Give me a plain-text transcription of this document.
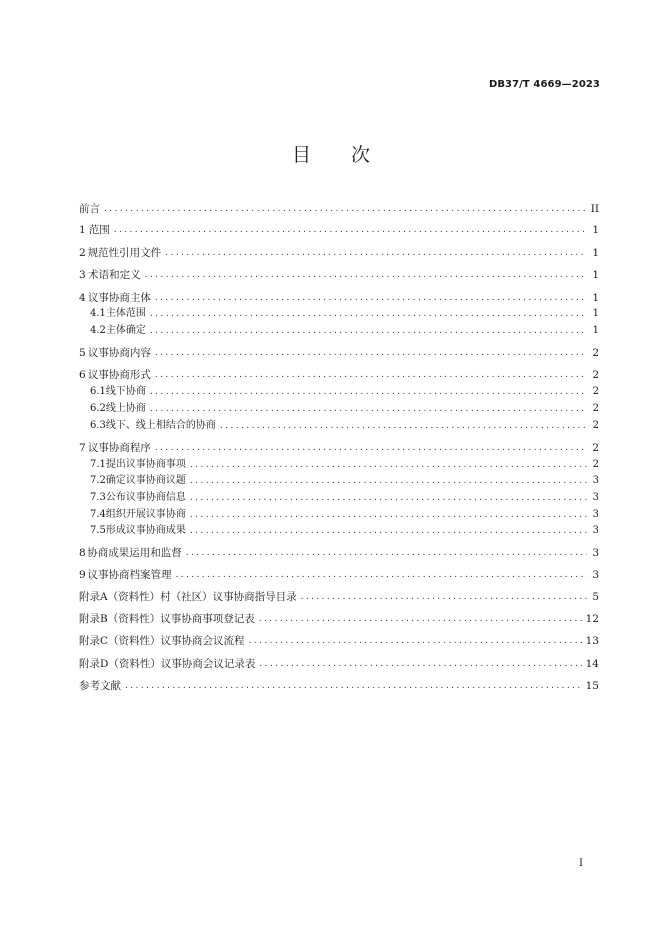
DB37/T 4669—2023
目 次
前言 .....	II
1 范围 .....	1
2 规范性引用文件 .....	1
3 术语和定义 .....	1
4 议事协商主体 .....	1
4.1 主体范围 .....	1
4.2 主体确定 .....	1
5 议事协商内容 .....	2
6 议事协商形式 .....	2
6.1 线下协商 .....	2
6.2 线上协商 .....	2
6.3 线下、线上相结合的协商 .....	2
7 议事协商程序 .....	2
7.1 提出议事协商事项 .....	2
7.2 确定议事协商议题 .....	3
7.3 公布议事协商信息 .....	3
7.4 组织开展议事协商 .....	3
7.5 形成议事协商成果 .....	3
8 协商成果运用和监督 .....	3
9 议事协商档案管理 .....	3
附录A（资料性） 村（社区）议事协商指导目录 .....	5
附录B（资料性） 议事协商事项登记表 .....	12
附录C（资料性） 议事协商会议流程 .....	13
附录D（资料性） 议事协商会议记录表 .....	14
参考文献 .....	15
I
